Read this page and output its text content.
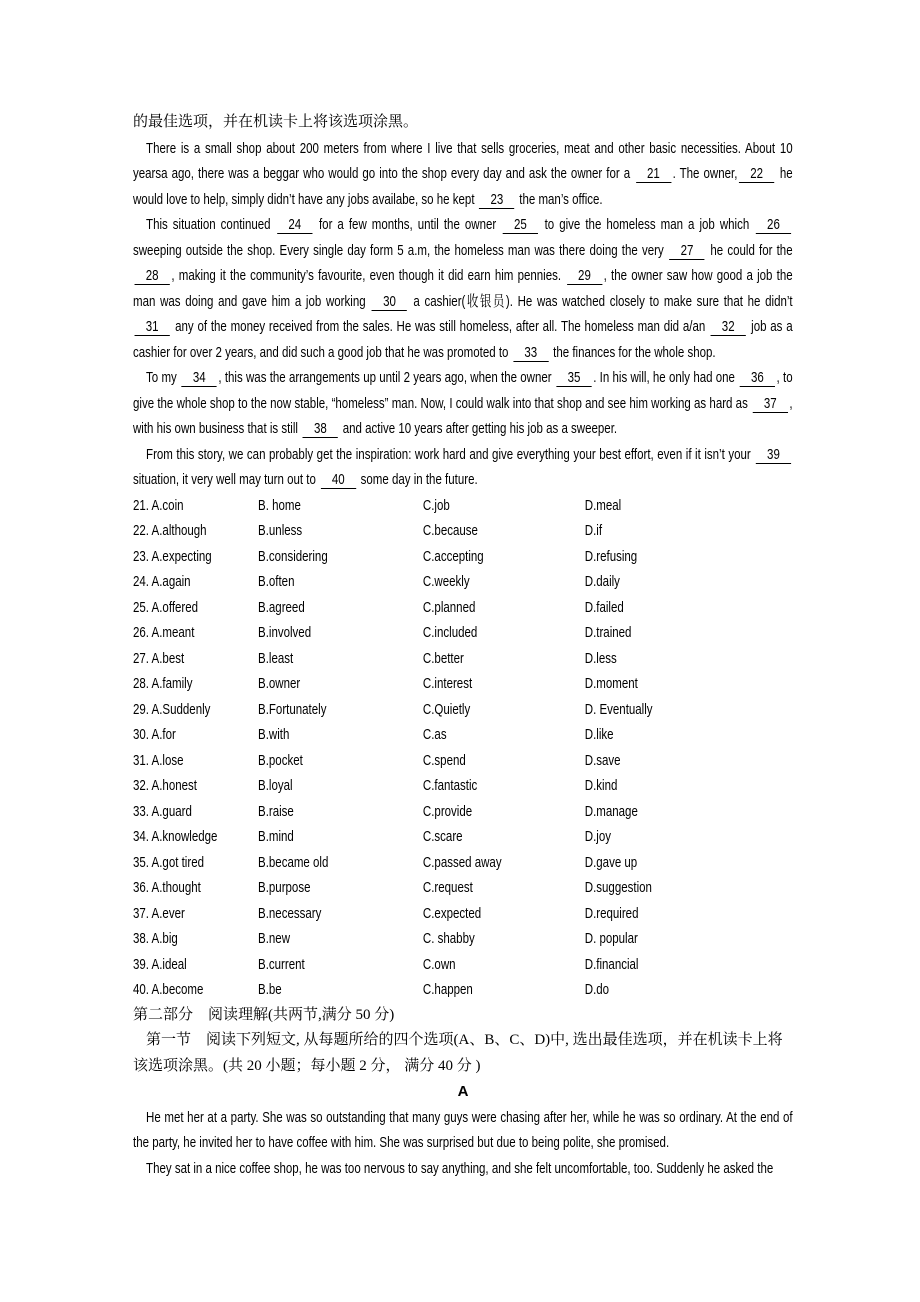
的最佳选项，并在机读卡上将该选项涂黑。

There is a small shop about 200 meters from where I live that sells groceries, meat and other basic necessities. About 10 yearsa ago, there was a beggar who would go into the shop every day and ask the owner for a 21 . The owner, 22 he would love to help, simply didn’t have any jobs availabe, so he kept 23 the man’s office.

This situation continued 24 for a few months, until the owner 25 to give the homeless man a job which 26 sweeping outside the shop. Every single day form 5 a.m, the homeless man was there doing the very 27 he could for the 28 , making it the community’s favourite, even though it did earn him pennies. 29 , the owner saw how good a job the man was doing and gave him a job working 30 a cashier(收银员). He was watched closely to make sure that he didn’t 31 any of the money received from the sales. He was still homeless, after all. The homeless man did a/an 32 job as a cashier for over 2 years, and did such a good job that he was promoted to 33 the finances for the whole shop.

To my 34 , this was the arrangements up until 2 years ago, when the owner 35 . In his will, he only had one 36 , to give the whole shop to the now stable, “homeless” man. Now, I could walk into that shop and see him working as hard as 37 , with his own business that is still 38 and active 10 years after getting his job as a sweeper.

From this story, we can probably get the inspiration: work hard and give everything your best effort, even if it isn’t your 39 situation, it very well may turn out to 40 some day in the future.

21. A.coin	B. home	C.job	D.meal
22. A.although	B.unless	C.because	D.if
23. A.expecting	B.considering	C.accepting	D.refusing
24. A.again	B.often	C.weekly	D.daily
25. A.offered	B.agreed	C.planned	D.failed
26. A.meant	B.involved	C.included	D.trained
27. A.best	B.least	C.better	D.less
28. A.family	B.owner	C.interest	D.moment
29. A.Suddenly	B.Fortunately	C.Quietly	D. Eventually
30. A.for	B.with	C.as	D.like
31. A.lose	B.pocket	C.spend	D.save
32. A.honest	B.loyal	C.fantastic	D.kind
33. A.guard	B.raise	C.provide	D.manage
34. A.knowledge	B.mind	C.scare	D.joy
35. A.got tired	B.became old	C.passed away	D.gave up
36. A.thought	B.purpose	C.request	D.suggestion
37. A.ever	B.necessary	C.expected	D.required
38. A.big	B.new	C. shabby	D. popular
39. A.ideal	B.current	C.own	D.financial
40. A.become	B.be	C.happen	D.do

第二部分　阅读理解(共两节,满分 50 分)

第一节　阅读下列短文, 从每题所给的四个选项(A、B、C、D)中, 选出最佳选项，并在机读卡上将该选项涂黑。(共 20 小题；每小题 2 分， 满分 40 分 )

A

He met her at a party. She was so outstanding that many guys were chasing after her, while he was so ordinary. At the end of the party, he invited her to have coffee with him. She was surprised but due to being polite, she promised.

They sat in a nice coffee shop, he was too nervous to say anything, and she felt uncomfortable, too. Suddenly he asked the
